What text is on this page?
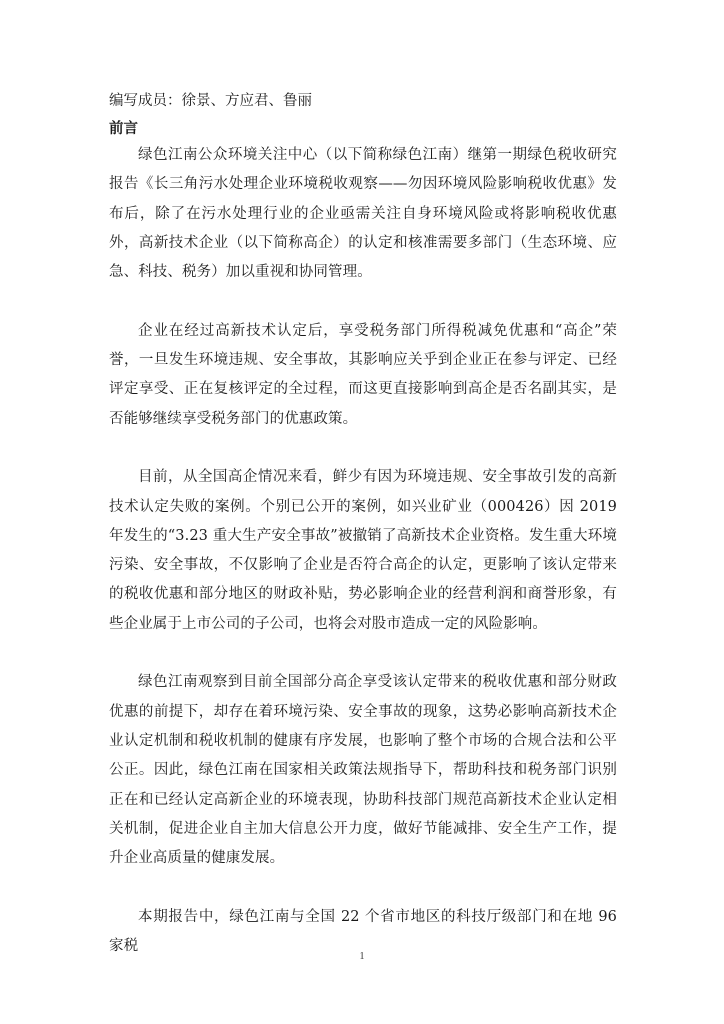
编写成员：徐景、方应君、鲁丽

前言

绿色江南公众环境关注中心（以下简称绿色江南）继第一期绿色税收研究报告《长三角污水处理企业环境税收观察——勿因环境风险影响税收优惠》发布后，除了在污水处理行业的企业亟需关注自身环境风险或将影响税收优惠外，高新技术企业（以下简称高企）的认定和核准需要多部门（生态环境、应急、科技、税务）加以重视和协同管理。

企业在经过高新技术认定后，享受税务部门所得税减免优惠和“高企”荣誉，一旦发生环境违规、安全事故，其影响应关乎到企业正在参与评定、已经评定享受、正在复核评定的全过程，而这更直接影响到高企是否名副其实，是否能够继续享受税务部门的优惠政策。

目前，从全国高企情况来看，鲜少有因为环境违规、安全事故引发的高新技术认定失败的案例。个别已公开的案例，如兴业矿业（000426）因 2019 年发生的“3.23 重大生产安全事故”被撤销了高新技术企业资格。发生重大环境污染、安全事故，不仅影响了企业是否符合高企的认定，更影响了该认定带来的税收优惠和部分地区的财政补贴，势必影响企业的经营利润和商誉形象，有些企业属于上市公司的子公司，也将会对股市造成一定的风险影响。

绿色江南观察到目前全国部分高企享受该认定带来的税收优惠和部分财政优惠的前提下，却存在着环境污染、安全事故的现象，这势必影响高新技术企业认定机制和税收机制的健康有序发展，也影响了整个市场的合规合法和公平公正。因此，绿色江南在国家相关政策法规指导下，帮助科技和税务部门识别正在和已经认定高新企业的环境表现，协助科技部门规范高新技术企业认定相关机制，促进企业自主加大信息公开力度，做好节能减排、安全生产工作，提升企业高质量的健康发展。

本期报告中，绿色江南与全国 22 个省市地区的科技厅级部门和在地 96 家税

1
